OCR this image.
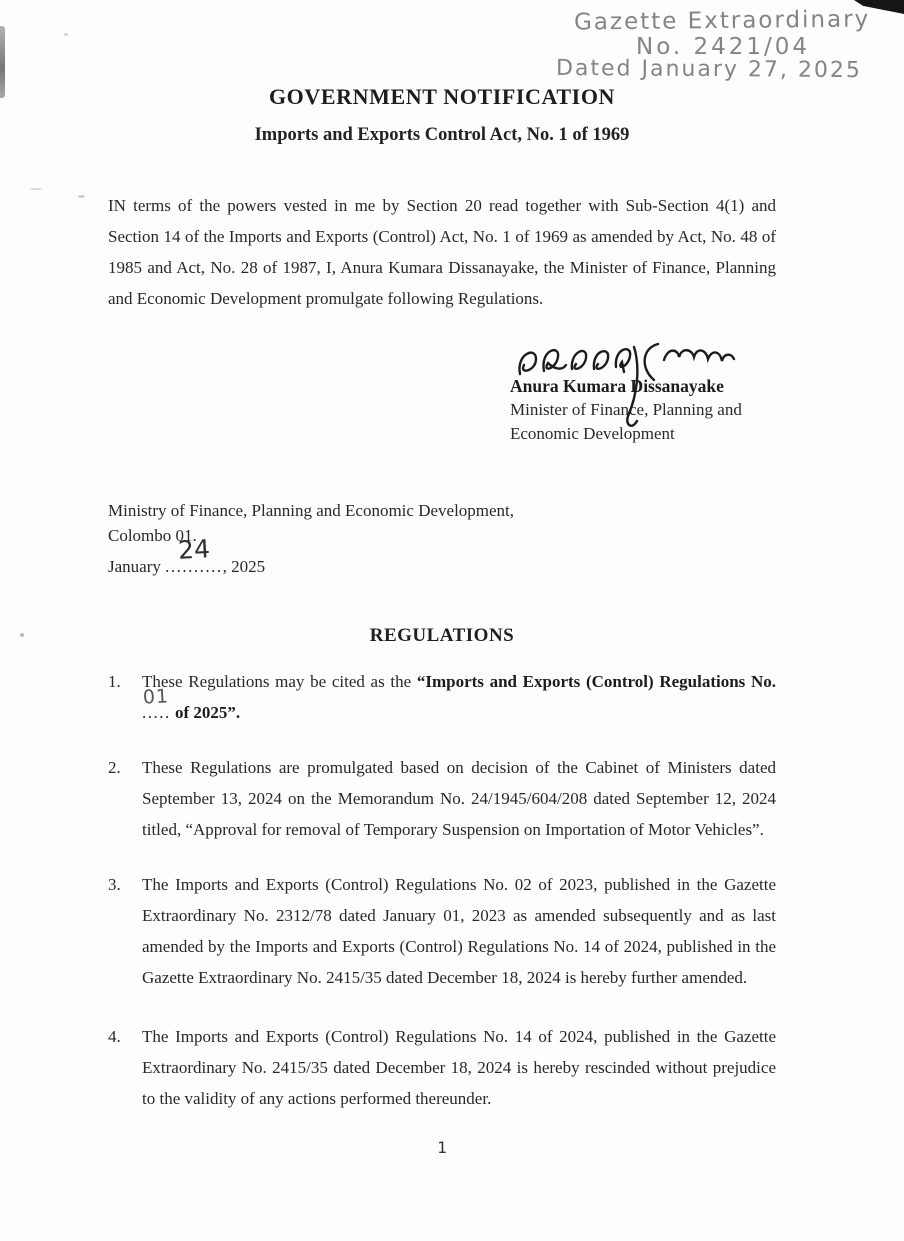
Gazette Extraordinary
No. 2421/04
Dated January 27, 2025
GOVERNMENT NOTIFICATION
Imports and Exports Control Act, No. 1 of 1969

IN terms of the powers vested in me by Section 20 read together with Sub-Section 4(1) and Section 14 of the Imports and Exports (Control) Act, No. 1 of 1969 as amended by Act, No. 48 of 1985 and Act, No. 28 of 1987, I, Anura Kumara Dissanayake, the Minister of Finance, Planning and Economic Development promulgate following Regulations.

Anura Kumara Dissanayake
Minister of Finance, Planning and
Economic Development
Ministry of Finance, Planning and Economic Development,
Colombo 01.
January ..........
24
, 2025
REGULATIONS
1.	These Regulations may be cited as the “Imports and Exports (Control) Regulations No. .....
01
of 2025”.

2.	These Regulations are promulgated based on decision of the Cabinet of Ministers dated September 13, 2024 on the Memorandum No. 24/1945/604/208 dated September 12, 2024 titled, “Approval for removal of Temporary Suspension on Importation of Motor Vehicles”.

3.	The Imports and Exports (Control) Regulations No. 02 of 2023, published in the Gazette Extraordinary No. 2312/78 dated January 01, 2023 as amended subsequently and as last amended by the Imports and Exports (Control) Regulations No. 14 of 2024, published in the Gazette Extraordinary No. 2415/35 dated December 18, 2024 is hereby further amended.

4.	The Imports and Exports (Control) Regulations No. 14 of 2024, published in the Gazette Extraordinary No. 2415/35 dated December 18, 2024 is hereby rescinded without prejudice to the validity of any actions performed thereunder.

1
